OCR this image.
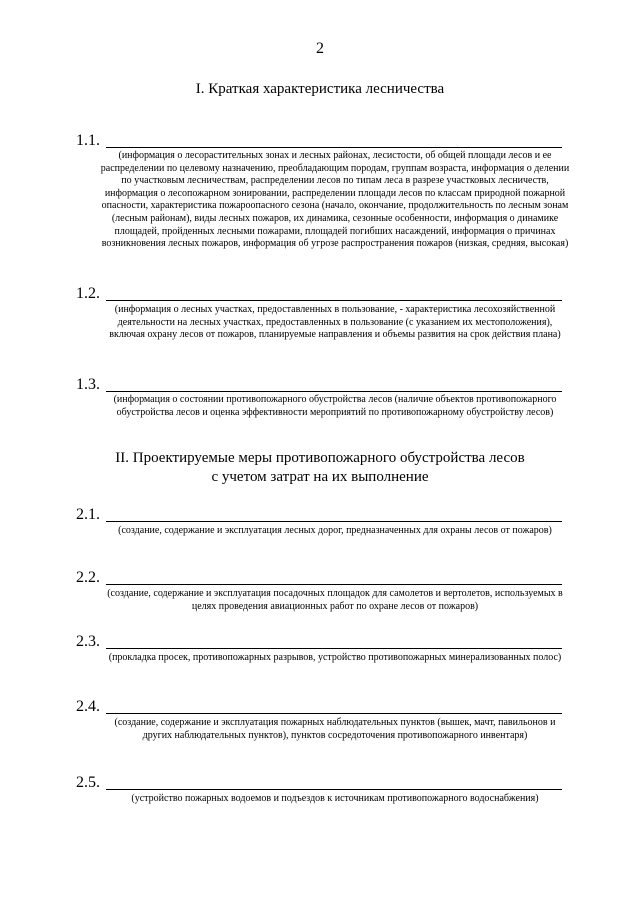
2
I. Краткая характеристика лесничества
1.1.
(информация о лесорастительных зонах и лесных районах, лесистости, об общей площади лесов и ее распределении по целевому назначению, преобладающим породам, группам возраста, информация о делении по участковым лесничествам, распределении лесов по типам леса в разрезе участковых лесничеств, информация о лесопожарном зонировании, распределении площади лесов по классам природной пожарной опасности, характеристика пожароопасного сезона (начало, окончание, продолжительность по лесным зонам (лесным районам), виды лесных пожаров, их динамика, сезонные особенности, информация о динамике площадей, пройденных лесными пожарами, площадей погибших насаждений, информация о причинах возникновения лесных пожаров, информация об угрозе распространения пожаров (низкая, средняя, высокая)
1.2.
(информация о лесных участках, предоставленных в пользование, - характеристика лесохозяйственной деятельности на лесных участках, предоставленных в пользование (с указанием их местоположения), включая охрану лесов от пожаров, планируемые направления и объемы развития на срок действия плана)
1.3.
(информация о состоянии противопожарного обустройства лесов (наличие объектов противопожарного обустройства лесов и оценка эффективности мероприятий по противопожарному обустройству лесов)
II. Проектируемые меры противопожарного обустройства лесов
с учетом затрат на их выполнение
2.1.
(создание, содержание и эксплуатация лесных дорог, предназначенных для охраны лесов от пожаров)
2.2.
(создание, содержание и эксплуатация посадочных площадок для самолетов и вертолетов, используемых в целях проведения авиационных работ по охране лесов от пожаров)
2.3.
(прокладка просек, противопожарных разрывов, устройство противопожарных минерализованных полос)
2.4.
(создание, содержание и эксплуатация пожарных наблюдательных пунктов (вышек, мачт, павильонов и других наблюдательных пунктов), пунктов сосредоточения противопожарного инвентаря)
2.5.
(устройство пожарных водоемов и подъездов к источникам противопожарного водоснабжения)
